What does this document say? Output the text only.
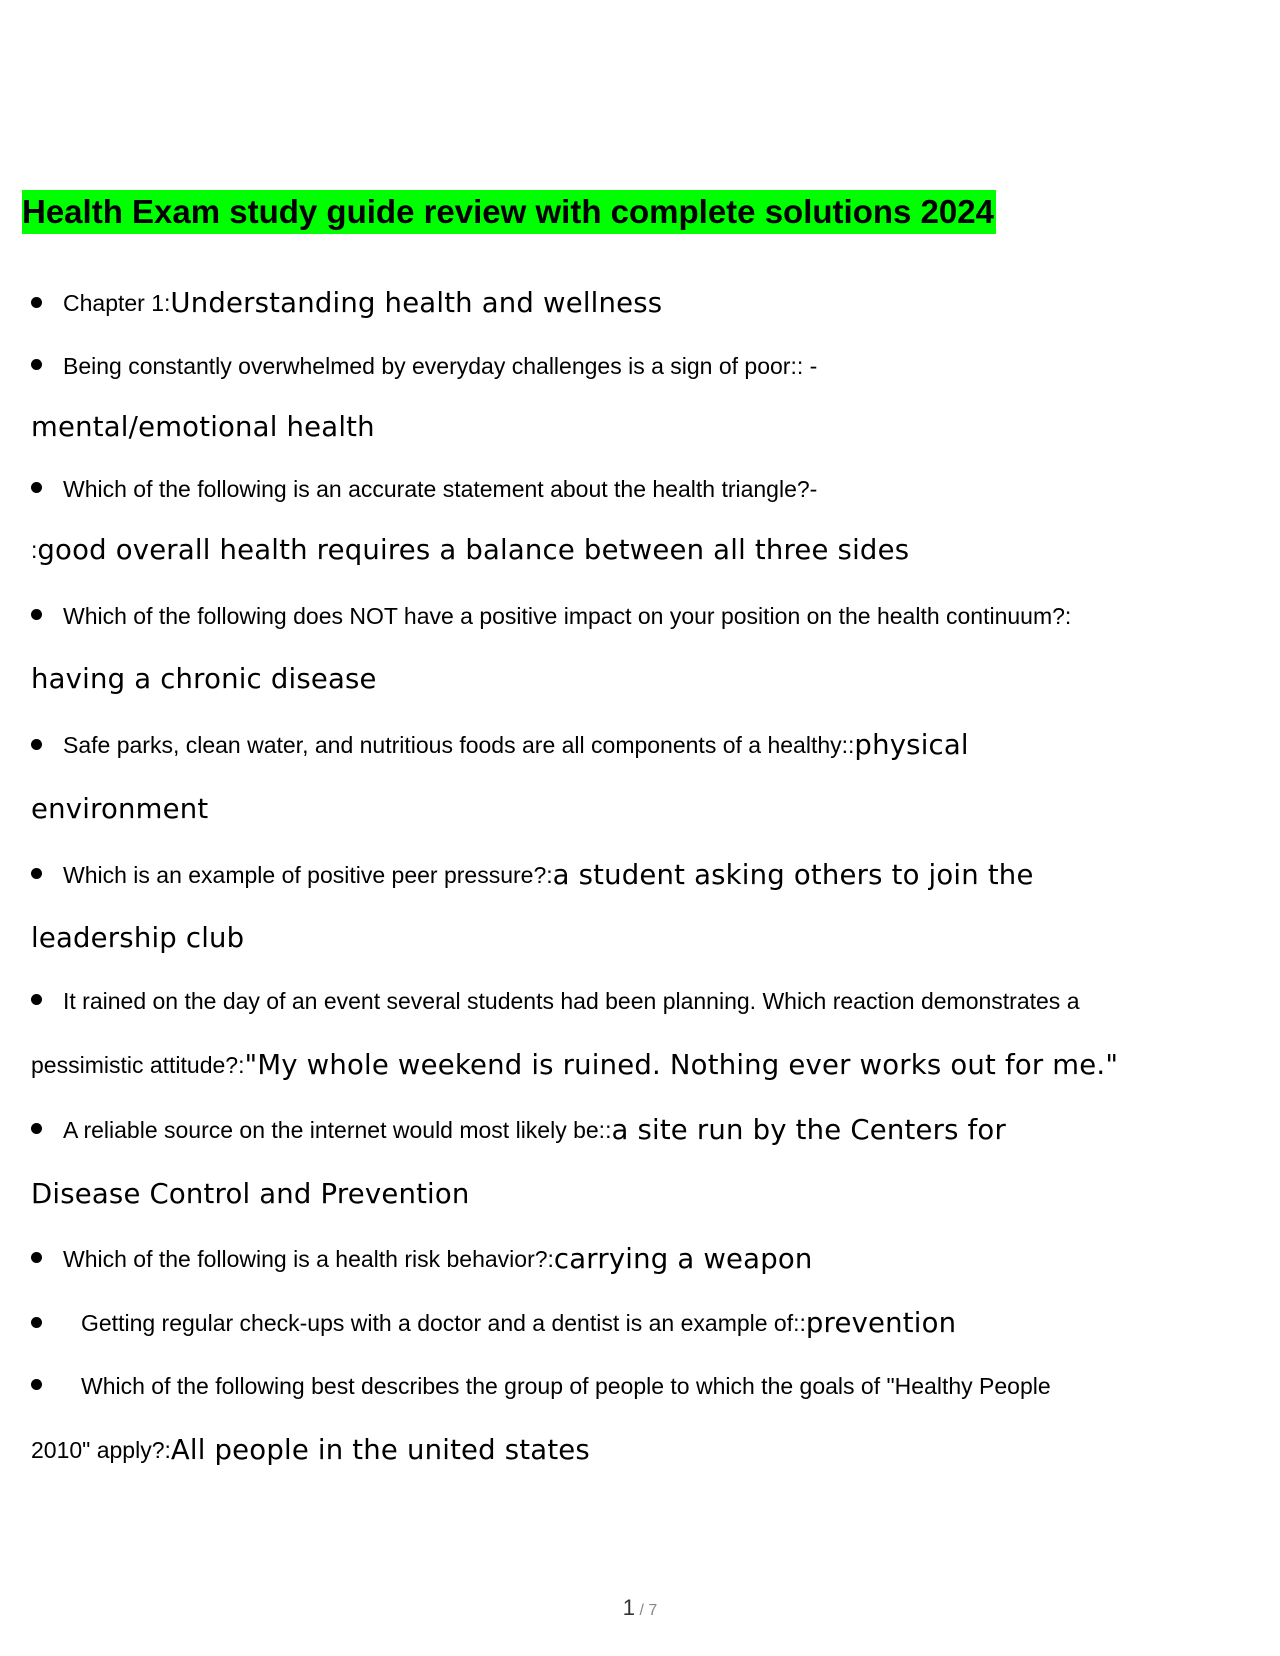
Health Exam study guide review with complete solutions 2024
Chapter 1: Understanding health and wellness
Being constantly overwhelmed by everyday challenges is a sign of poor:: -
mental/emotional health
Which of the following is an accurate statement about the health triangle?-
: good overall health requires a balance between all three sides
Which of the following does NOT have a positive impact on your position on the health continuum?:
having a chronic disease
Safe parks, clean water, and nutritious foods are all components of a healthy:: physical
environment
Which is an example of positive peer pressure?: a student asking others to join the
leadership club
It rained on the day of an event several students had been planning. Which reaction demonstrates a
pessimistic attitude?: "My whole weekend is ruined. Nothing ever works out for me."
A reliable source on the internet would most likely be:: a site run by the Centers for
Disease Control and Prevention
Which of the following is a health risk behavior?: carrying a weapon
Getting regular check-ups with a doctor and a dentist is an example of:: prevention
Which of the following best describes the group of people to which the goals of "Healthy People
2010" apply?: All people in the united states
1 / 7
